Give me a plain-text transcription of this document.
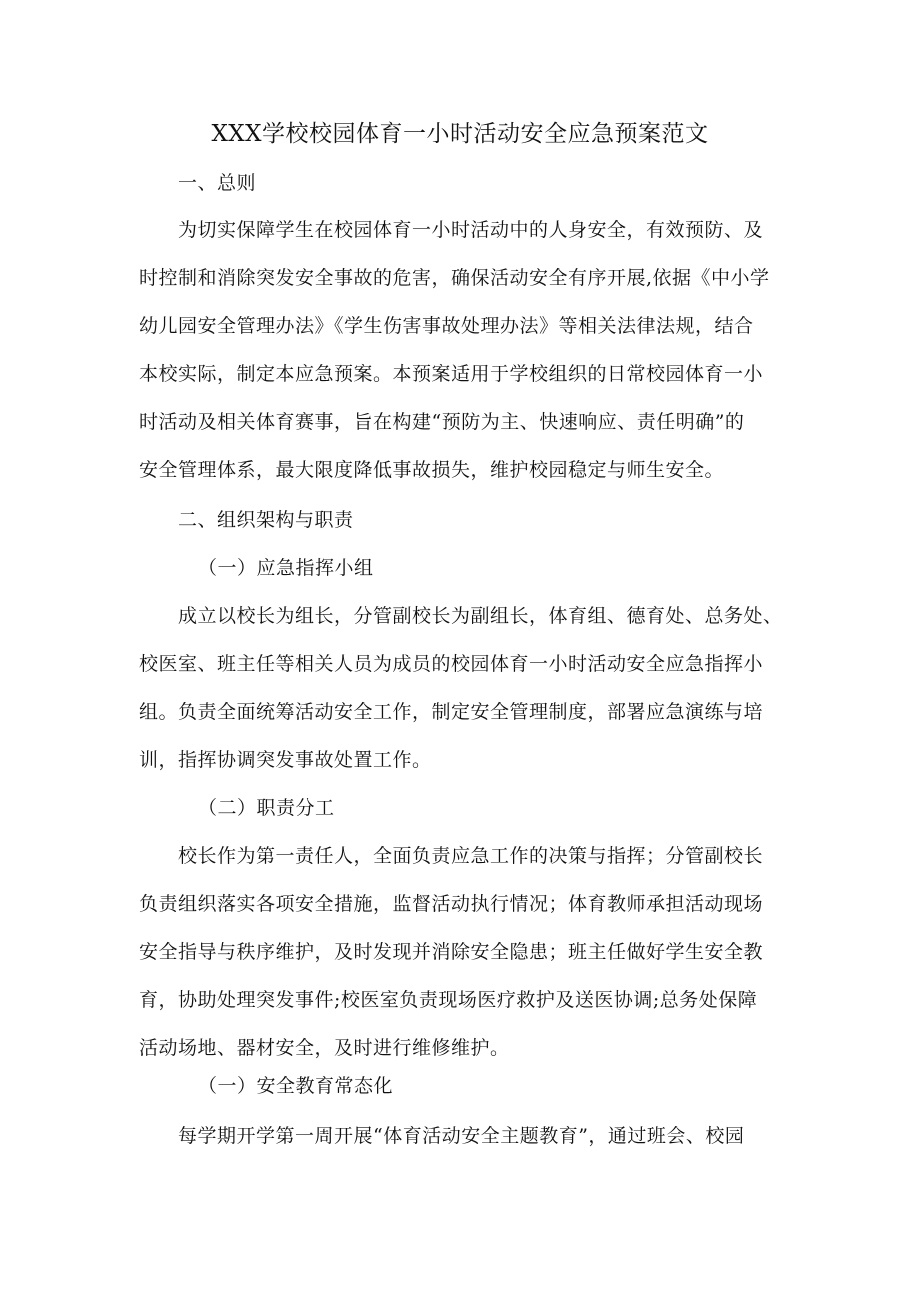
XXX学校校园体育一小时活动安全应急预案范文
一、总则
为切实保障学生在校园体育一小时活动中的人身安全，有效预防、及
时控制和消除突发安全事故的危害，确保活动安全有序开展,依据《中小学
幼儿园安全管理办法》《学生伤害事故处理办法》等相关法律法规，结合
本校实际，制定本应急预案。本预案适用于学校组织的日常校园体育一小
时活动及相关体育赛事，旨在构建“预防为主、快速响应、责任明确”的
安全管理体系，最大限度降低事故损失，维护校园稳定与师生安全。
二、组织架构与职责
（一）应急指挥小组
成立以校长为组长，分管副校长为副组长，体育组、德育处、总务处、
校医室、班主任等相关人员为成员的校园体育一小时活动安全应急指挥小
组。负责全面统筹活动安全工作，制定安全管理制度，部署应急演练与培
训，指挥协调突发事故处置工作。
（二）职责分工
校长作为第一责任人，全面负责应急工作的决策与指挥；分管副校长
负责组织落实各项安全措施，监督活动执行情况；体育教师承担活动现场
安全指导与秩序维护，及时发现并消除安全隐患；班主任做好学生安全教
育，协助处理突发事件;校医室负责现场医疗救护及送医协调;总务处保障
活动场地、器材安全，及时进行维修维护。
（一）安全教育常态化
每学期开学第一周开展“体育活动安全主题教育”，通过班会、校园
